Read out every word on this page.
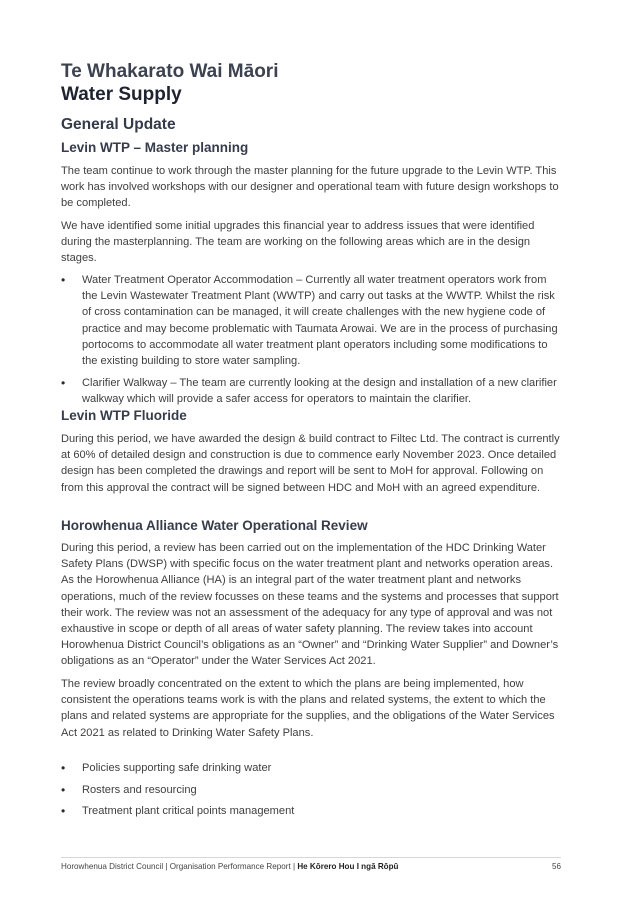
Te Whakarato Wai Māori
Water Supply
General Update
Levin WTP – Master planning

The team continue to work through the master planning for the future upgrade to the Levin WTP. This work has involved workshops with our designer and operational team with future design workshops to be completed.

We have identified some initial upgrades this financial year to address issues that were identified during the masterplanning. The team are working on the following areas which are in the design stages.

• Water Treatment Operator Accommodation – Currently all water treatment operators work from the Levin Wastewater Treatment Plant (WWTP) and carry out tasks at the WWTP. Whilst the risk of cross contamination can be managed, it will create challenges with the new hygiene code of practice and may become problematic with Taumata Arowai. We are in the process of purchasing portocoms to accommodate all water treatment plant operators including some modifications to the existing building to store water sampling.
• Clarifier Walkway – The team are currently looking at the design and installation of a new clarifier walkway which will provide a safer access for operators to maintain the clarifier.
Levin WTP Fluoride

During this period, we have awarded the design & build contract to Filtec Ltd. The contract is currently at 60% of detailed design and construction is due to commence early November 2023. Once detailed design has been completed the drawings and report will be sent to MoH for approval. Following on from this approval the contract will be signed between HDC and MoH with an agreed expenditure.

Horowhenua Alliance Water Operational Review

During this period, a review has been carried out on the implementation of the HDC Drinking Water Safety Plans (DWSP) with specific focus on the water treatment plant and networks operation areas. As the Horowhenua Alliance (HA) is an integral part of the water treatment plant and networks operations, much of the review focusses on these teams and the systems and processes that support their work. The review was not an assessment of the adequacy for any type of approval and was not exhaustive in scope or depth of all areas of water safety planning. The review takes into account Horowhenua District Council’s obligations as an “Owner” and “Drinking Water Supplier” and Downer’s obligations as an “Operator” under the Water Services Act 2021.

The review broadly concentrated on the extent to which the plans are being implemented, how consistent the operations teams work is with the plans and related systems, the extent to which the plans and related systems are appropriate for the supplies, and the obligations of the Water Services Act 2021 as related to Drinking Water Safety Plans.

• Policies supporting safe drinking water
• Rosters and resourcing
• Treatment plant critical points management
Horowhenua District Council | Organisation Performance Report | He Kōrero Hou I ngā Rōpū	56
